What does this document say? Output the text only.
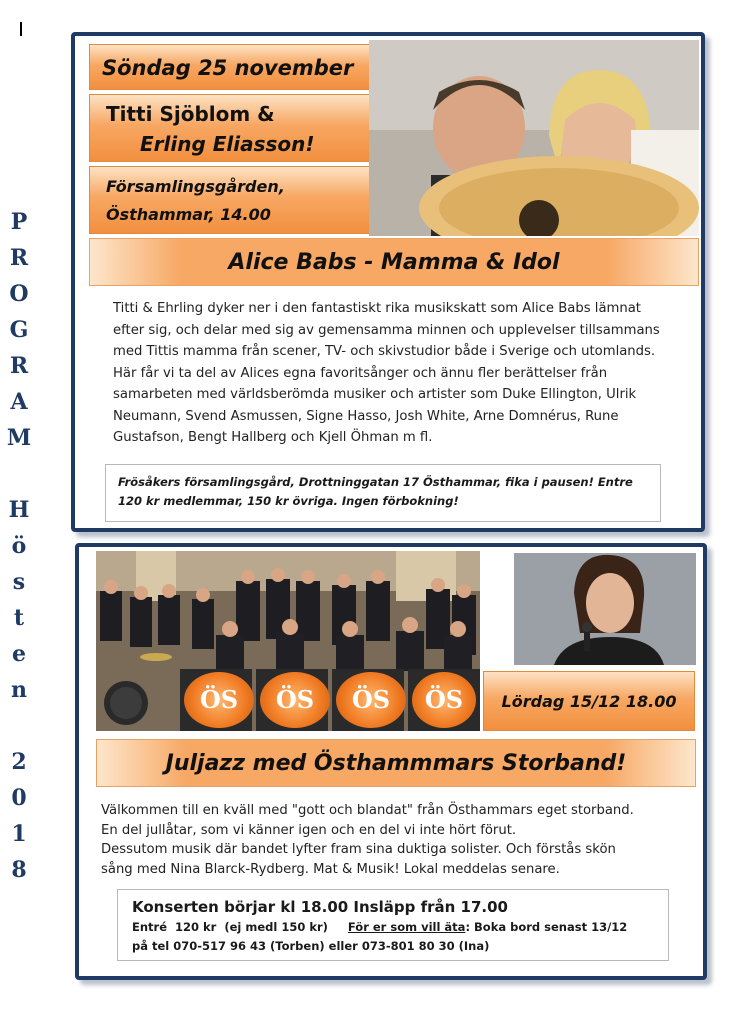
P
R
O
G
R
A
M

H
ö
s
t
e
n

2
0
1
8
Söndag 25 november
Titti Sjöblom &
Erling Eliasson!
Församlingsgården,
Östhammar, 14.00
Alice Babs - Mamma & Idol
Titti & Ehrling dyker ner i den fantastiskt rika musikskatt som Alice Babs lämnat
efter sig, och delar med sig av gemensamma minnen och upplevelser tillsammans
med Tittis mamma från scener, TV- och skivstudior både i Sverige och utomlands.
Här får vi ta del av Alices egna favoritsånger och ännu fler berättelser från
samarbeten med världsberömda musiker och artister som Duke Ellington, Ulrik
Neumann, Svend Asmussen, Signe Hasso, Josh White, Arne Domnérus, Rune
Gustafson, Bengt Hallberg och Kjell Öhman m fl.
Frösåkers församlingsgård, Drottninggatan 17 Östhammar, fika i pausen! Entre
120 kr medlemmar, 150 kr övriga. Ingen förbokning!
ÖS	ÖS	ÖS	ÖS	Lördag 15/12 18.00
Juljazz med Östhammmars Storband!
Välkommen till en kväll med "gott och blandat" från Östhammars eget storband.
En del jullåtar, som vi känner igen och en del vi inte hört förut.
Dessutom musik där bandet lyfter fram sina duktiga solister. Och förstås skön
sång med Nina Blarck-Rydberg. Mat & Musik! Lokal meddelas senare.
Konserten börjar kl 18.00 Insläpp från 17.00
Entré  120 kr  (ej medl 150 kr)     För er som vill äta: Boka bord senast 13/12
på tel 070-517 96 43 (Torben) eller 073-801 80 30 (Ina)
